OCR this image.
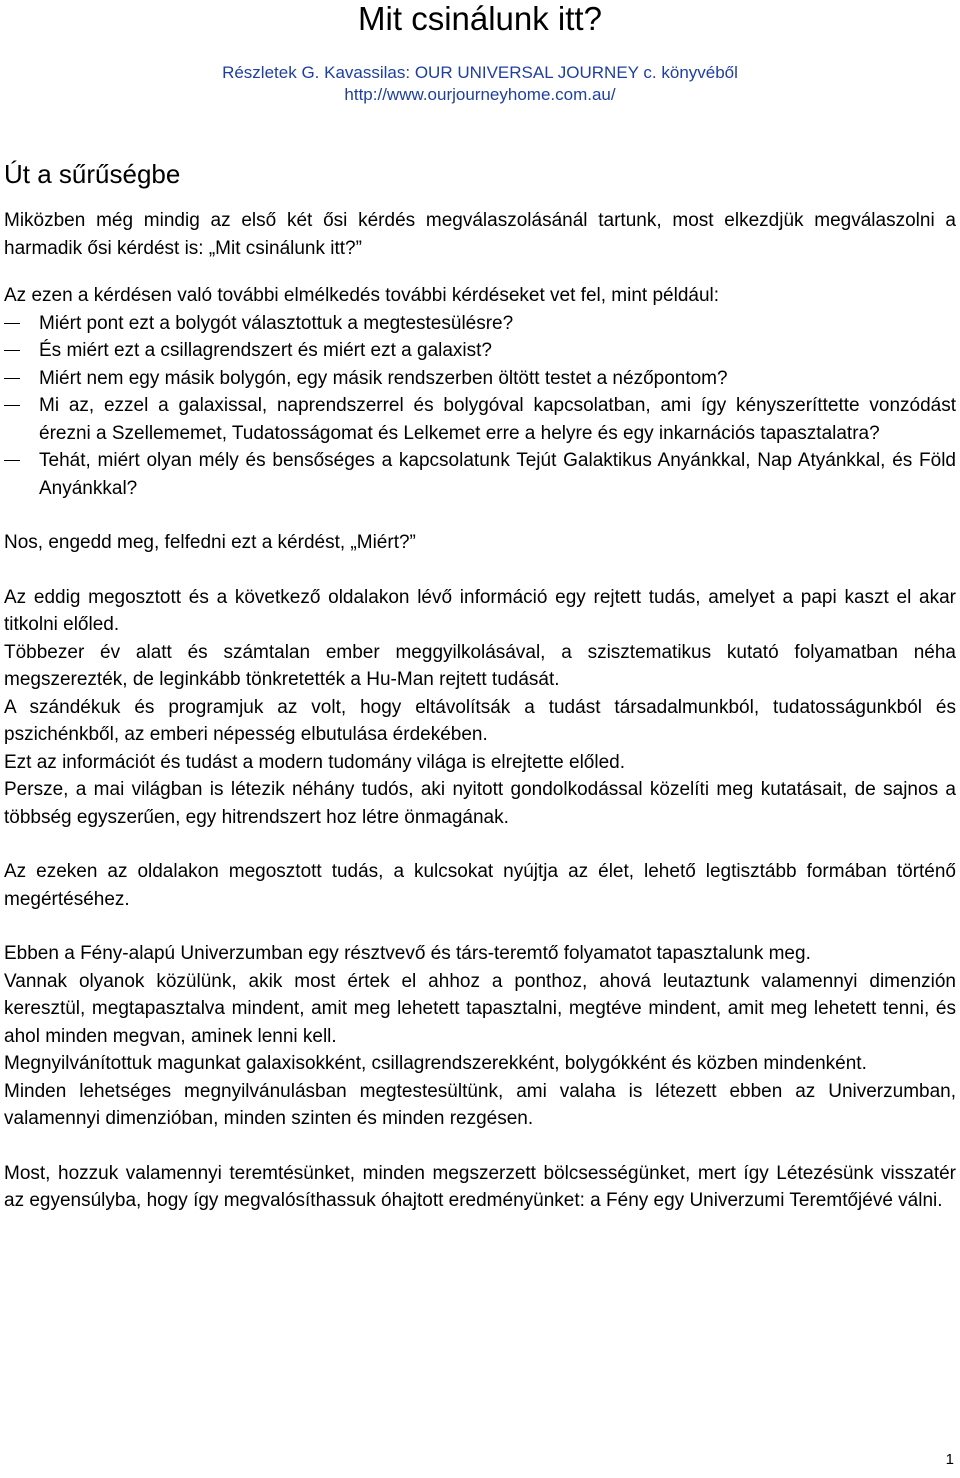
Mit csinálunk itt?

Részletek G. Kavassilas: OUR UNIVERSAL JOURNEY c. könyvéből

http://www.ourjourneyhome.com.au/

Út a sűrűségbe

Miközben még mindig az első két ősi kérdés megválaszolásánál tartunk, most elkezdjük megválaszolni a harmadik ősi kérdést is: „Mit csinálunk itt?”

Az ezen a kérdésen való további elmélkedés további kérdéseket vet fel, mint például:

Miért pont ezt a bolygót választottuk a megtestesülésre?
És miért ezt a csillagrendszert és miért ezt a galaxist?
Miért nem egy másik bolygón, egy másik rendszerben öltött testet a nézőpontom?
Mi az, ezzel a galaxissal, naprendszerrel és bolygóval kapcsolatban, ami így kényszeríttette vonzódást érezni a Szellememet, Tudatosságomat és Lelkemet erre a helyre és egy inkarnációs tapasztalatra?
Tehát, miért olyan mély és bensőséges a kapcsolatunk Tejút Galaktikus Anyánkkal, Nap Atyánkkal, és Föld Anyánkkal?

Nos, engedd meg, felfedni ezt a kérdést, „Miért?”

Az eddig megosztott és a következő oldalakon lévő információ egy rejtett tudás, amelyet a papi kaszt el akar titkolni előled.

Többezer év alatt és számtalan ember meggyilkolásával, a szisztematikus kutató folyamatban néha megszerezték, de leginkább tönkretették a Hu-Man rejtett tudását.

A szándékuk és programjuk az volt, hogy eltávolítsák a tudást társadalmunkból, tudatosságunkból és pszichénkből, az emberi népesség elbutulása érdekében.

Ezt az információt és tudást a modern tudomány világa is elrejtette előled.

Persze, a mai világban is létezik néhány tudós, aki nyitott gondolkodással közelíti meg kutatásait, de sajnos a többség egyszerűen, egy hitrendszert hoz létre önmagának.

Az ezeken az oldalakon megosztott tudás, a kulcsokat nyújtja az élet, lehető legtisztább formában történő megértéséhez.

Ebben a Fény-alapú Univerzumban egy résztvevő és társ-teremtő folyamatot tapasztalunk meg.

Vannak olyanok közülünk, akik most értek el ahhoz a ponthoz, ahová leutaztunk valamennyi dimenzión keresztül, megtapasztalva mindent, amit meg lehetett tapasztalni, megtéve mindent, amit meg lehetett tenni, és ahol minden megvan, aminek lenni kell.

Megnyilvánítottuk magunkat galaxisokként, csillagrendszerekként, bolygókként és közben mindenként.

Minden lehetséges megnyilvánulásban megtestesültünk, ami valaha is létezett ebben az Univerzumban, valamennyi dimenzióban, minden szinten és minden rezgésen.

Most, hozzuk valamennyi teremtésünket, minden megszerzett bölcsességünket, mert így Létezésünk visszatér az egyensúlyba, hogy így megvalósíthassuk óhajtott eredményünket: a Fény egy Univerzumi Teremtőjévé válni.

1
